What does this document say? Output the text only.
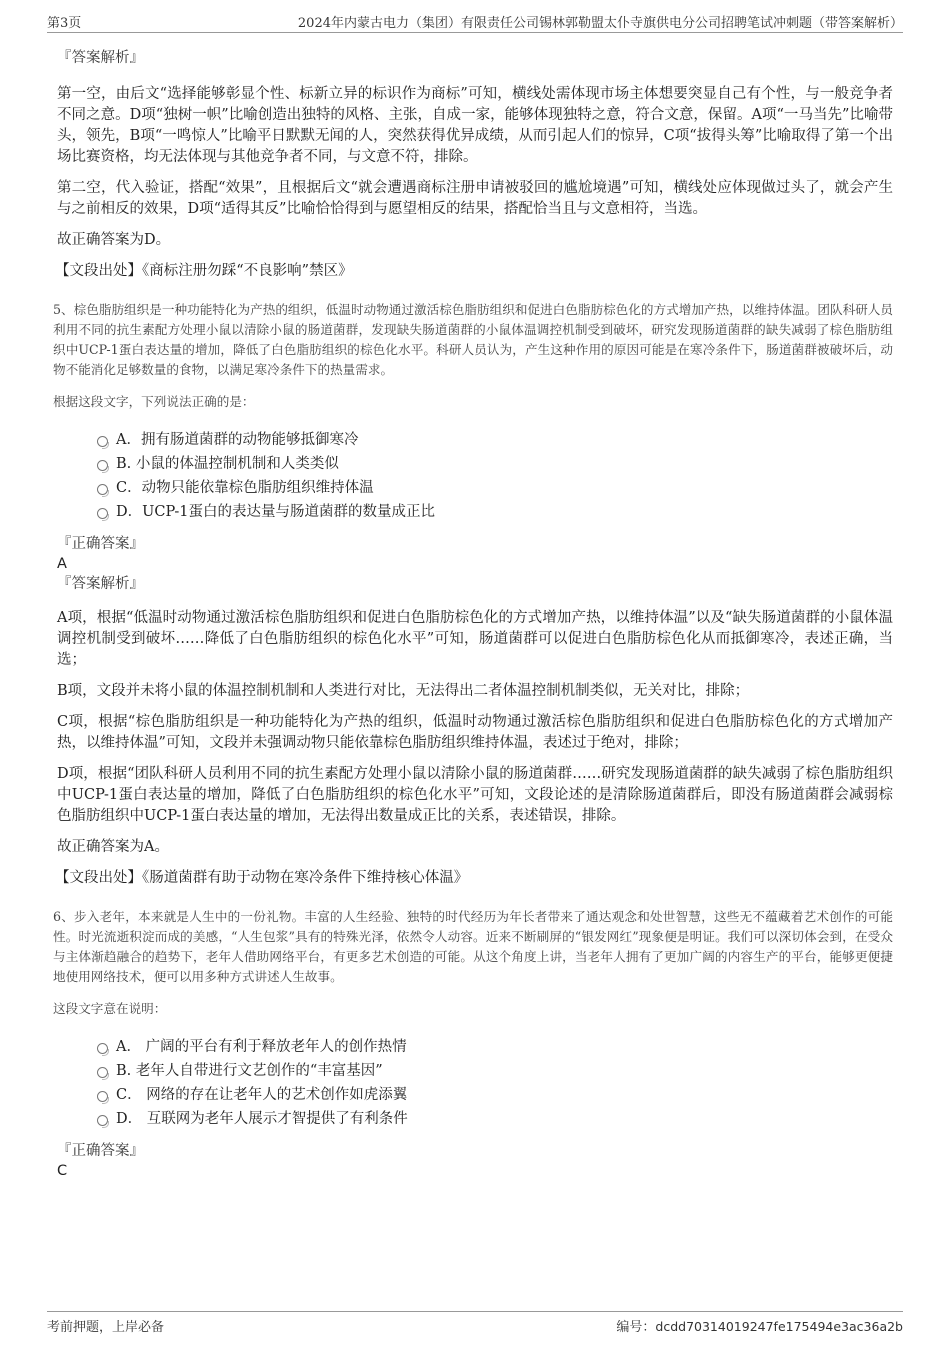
第3页	2024年内蒙古电力（集团）有限责任公司锡林郭勒盟太仆寺旗供电分公司招聘笔试冲刺题（带答案解析）
『答案解析』

第一空，由后文“选择能够彰显个性、标新立异的标识作为商标”可知，横线处需体现市场主体想要突显自己有个性，与一般竞争者不同之意。D项“独树一帜”比喻创造出独特的风格、主张，自成一家，能够体现独特之意，符合文意，保留。A项“一马当先”比喻带头，领先，B项“一鸣惊人”比喻平日默默无闻的人，突然获得优异成绩，从而引起人们的惊异，C项“拔得头筹”比喻取得了第一个出场比赛资格，均无法体现与其他竞争者不同，与文意不符，排除。

第二空，代入验证，搭配“效果”，且根据后文“就会遭遇商标注册申请被驳回的尴尬境遇”可知，横线处应体现做过头了，就会产生与之前相反的效果，D项“适得其反”比喻恰恰得到与愿望相反的结果，搭配恰当且与文意相符，当选。

故正确答案为D。

【文段出处】《商标注册勿踩“不良影响”禁区》

5、棕色脂肪组织是一种功能特化为产热的组织，低温时动物通过激活棕色脂肪组织和促进白色脂肪棕色化的方式增加产热，以维持体温。团队科研人员利用不同的抗生素配方处理小鼠以清除小鼠的肠道菌群，发现缺失肠道菌群的小鼠体温调控机制受到破坏，研究发现肠道菌群的缺失减弱了棕色脂肪组织中UCP-1蛋白表达量的增加，降低了白色脂肪组织的棕色化水平。科研人员认为，产生这种作用的原因可能是在寒冷条件下，肠道菌群被破坏后，动物不能消化足够数量的食物，以满足寒冷条件下的热量需求。

根据这段文字，下列说法正确的是：

A．拥有肠道菌群的动物能够抵御寒冷
B. 小鼠的体温控制机制和人类类似
C．动物只能依靠棕色脂肪组织维持体温
D．UCP-1蛋白的表达量与肠道菌群的数量成正比
『正确答案』

A

『答案解析』

A项，根据“低温时动物通过激活棕色脂肪组织和促进白色脂肪棕色化的方式增加产热，以维持体温”以及“缺失肠道菌群的小鼠体温调控机制受到破坏……降低了白色脂肪组织的棕色化水平”可知，肠道菌群可以促进白色脂肪棕色化从而抵御寒冷，表述正确，当选；

B项，文段并未将小鼠的体温控制机制和人类进行对比，无法得出二者体温控制机制类似，无关对比，排除；

C项，根据“棕色脂肪组织是一种功能特化为产热的组织，低温时动物通过激活棕色脂肪组织和促进白色脂肪棕色化的方式增加产热，以维持体温”可知，文段并未强调动物只能依靠棕色脂肪组织维持体温，表述过于绝对，排除；

D项，根据“团队科研人员利用不同的抗生素配方处理小鼠以清除小鼠的肠道菌群……研究发现肠道菌群的缺失减弱了棕色脂肪组织中UCP-1蛋白表达量的增加，降低了白色脂肪组织的棕色化水平”可知，文段论述的是清除肠道菌群后，即没有肠道菌群会减弱棕色脂肪组织中UCP-1蛋白表达量的增加，无法得出数量成正比的关系，表述错误，排除。

故正确答案为A。

【文段出处】《肠道菌群有助于动物在寒冷条件下维持核心体温》

6、步入老年，本来就是人生中的一份礼物。丰富的人生经验、独特的时代经历为年长者带来了通达观念和处世智慧，这些无不蕴藏着艺术创作的可能性。时光流逝积淀而成的美感，“人生包浆”具有的特殊光泽，依然令人动容。近来不断刷屏的“银发网红”现象便是明证。我们可以深切体会到，在受众与主体渐趋融合的趋势下，老年人借助网络平台，有更多艺术创造的可能。从这个角度上讲，当老年人拥有了更加广阔的内容生产的平台，能够更便捷地使用网络技术，便可以用多种方式讲述人生故事。

这段文字意在说明：

A． 广阔的平台有利于释放老年人的创作热情
B. 老年人自带进行文艺创作的“丰富基因”
C． 网络的存在让老年人的艺术创作如虎添翼
D． 互联网为老年人展示才智提供了有利条件
『正确答案』

C

考前押题，上岸必备	编号：dcdd70314019247fe175494e3ac36a2b
